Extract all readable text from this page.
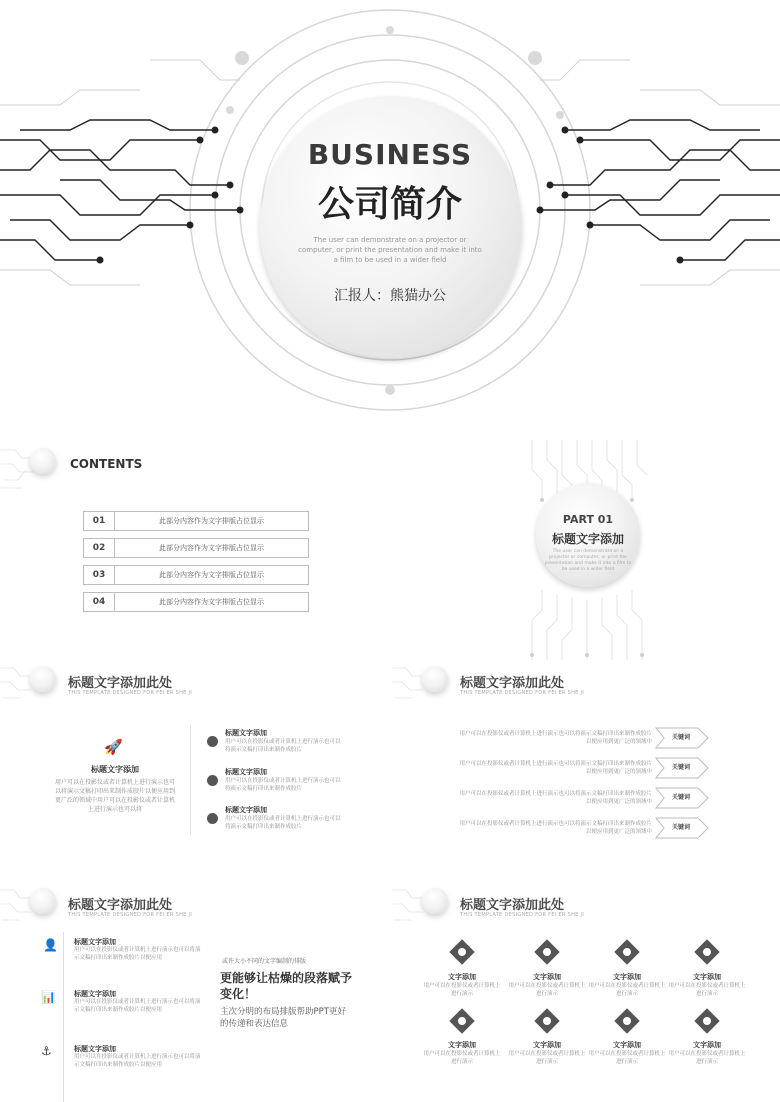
BUSINESS
公司简介
The user can demonstrate on a projector or computer, or print the presentation and make it into a film to be used in a wider field
汇报人：熊猫办公
CONTENTS
01	此部分内容作为文字排版占位显示
02	此部分内容作为文字排版占位显示
03	此部分内容作为文字排版占位显示
04	此部分内容作为文字排版占位显示
PART 01
标题文字添加
The user can demonstrate on a projector or computer, or print the presentation and make it into a film to be used in a wider field
标题文字添加此处
THIS TEMPLATE DESIGNED FOR FEI ER SHE JI
🚀
标题文字添加
用户可以在投影仪或者计算机上进行演示也可以将演示文稿打印出来制作成胶片以便应用到更广泛的领域中用户可以在投影仪或者计算机上进行演示也可以将
标题文字添加
用户可以在投影仪或者计算机上进行演示也可以将演示文稿打印出来制作成胶片
标题文字添加
用户可以在投影仪或者计算机上进行演示也可以将演示文稿打印出来制作成胶片
标题文字添加
用户可以在投影仪或者计算机上进行演示也可以将演示文稿打印出来制作成胶片
标题文字添加此处
THIS TEMPLATE DESIGNED FOR FEI ER SHE JI
用户可以在投影仪或者计算机上进行演示也可以将演示文稿打印出来制作成胶片以便应用到更广泛的领域中
关键词
用户可以在投影仪或者计算机上进行演示也可以将演示文稿打印出来制作成胶片以便应用到更广泛的领域中
关键词
用户可以在投影仪或者计算机上进行演示也可以将演示文稿打印出来制作成胶片以便应用到更广泛的领域中
关键词
用户可以在投影仪或者计算机上进行演示也可以将演示文稿打印出来制作成胶片以便应用到更广泛的领域中
关键词
标题文字添加此处
THIS TEMPLATE DESIGNED FOR FEI ER SHE JI
👤 标题文字添加
用户可以在投影仪或者计算机上进行演示也可以将演示文稿打印出来制作成胶片以便应用
📊	标题文字添加
用户可以在投影仪或者计算机上进行演示也可以将演示文稿打印出来制作成胶片以便应用
⚓	标题文字添加
用户可以在投影仪或者计算机上进行演示也可以将演示文稿打印出来制作成胶片以便应用
或许大小不同的文字编制的排版
更能够让枯燥的段落赋予变化！
主次分明的布局排版帮助PPT更好的传递和表达信息
标题文字添加此处
THIS TEMPLATE DESIGNED FOR FEI ER SHE JI
文字添加
用户可以在投影仪或者计算机上进行演示
文字添加
用户可以在投影仪或者计算机上进行演示
文字添加
用户可以在投影仪或者计算机上进行演示
文字添加
用户可以在投影仪或者计算机上进行演示
文字添加
用户可以在投影仪或者计算机上进行演示
文字添加
用户可以在投影仪或者计算机上进行演示
文字添加
用户可以在投影仪或者计算机上进行演示
文字添加
用户可以在投影仪或者计算机上进行演示
